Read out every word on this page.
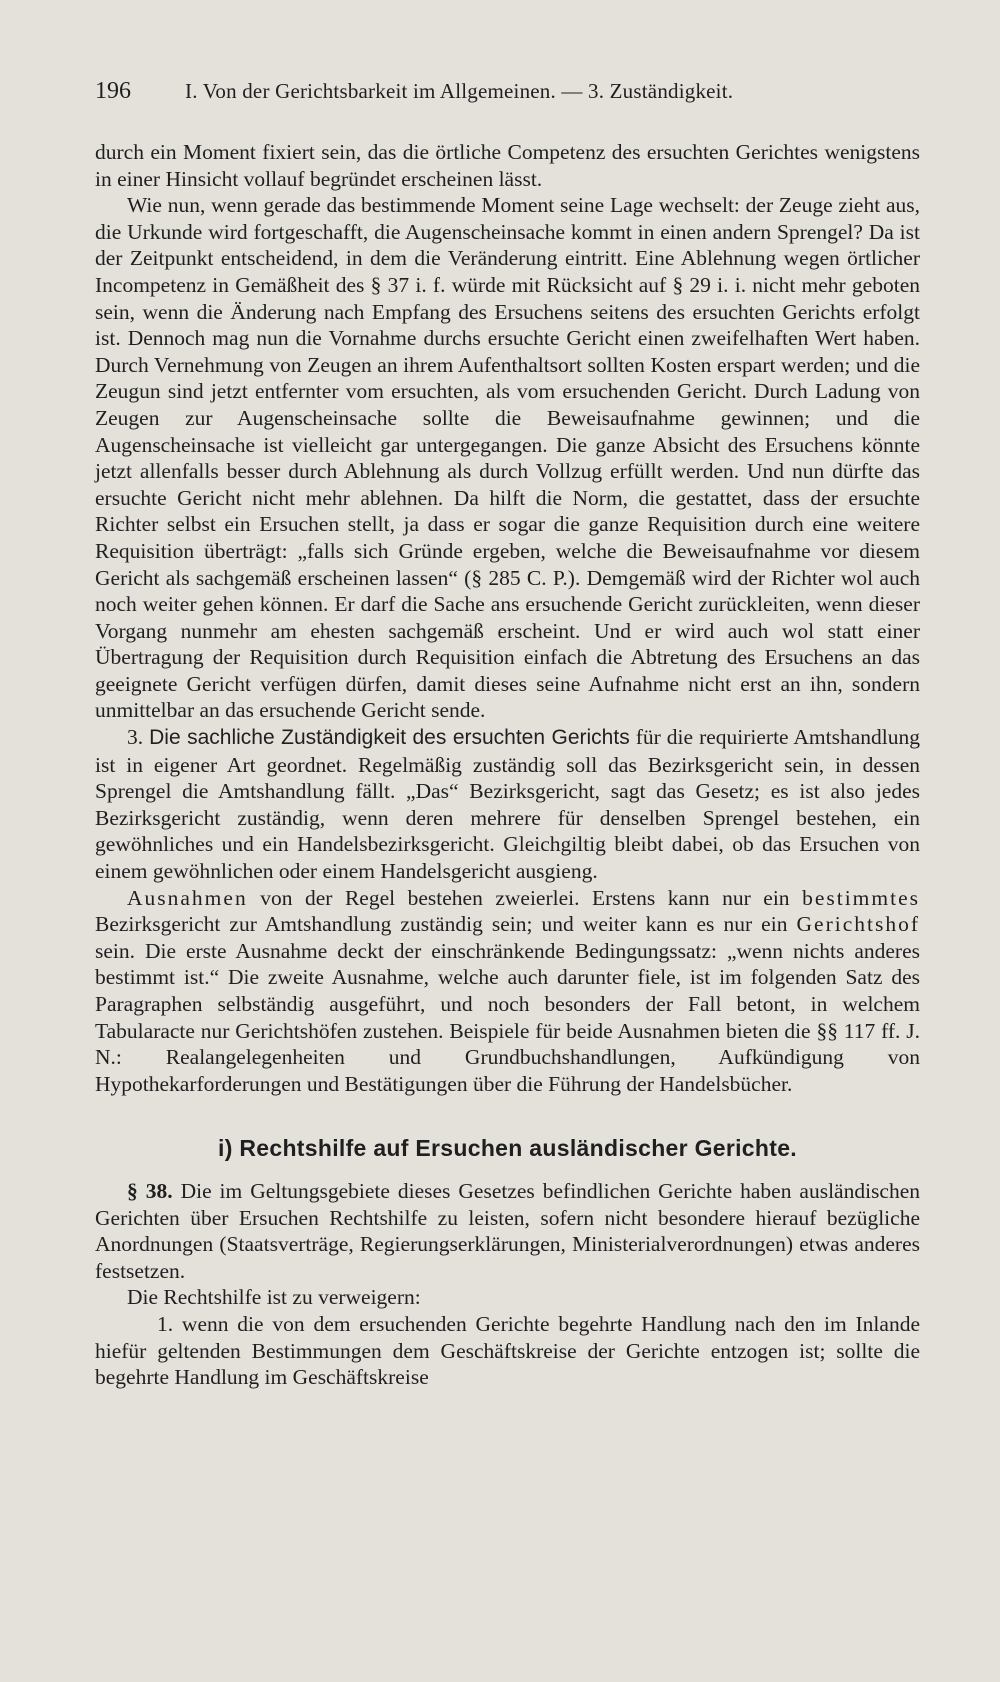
196	I. Von der Gerichtsbarkeit im Allgemeinen. — 3. Zuständigkeit.

durch ein Moment fixiert sein, das die örtliche Competenz des ersuchten Gerichtes wenigstens in einer Hinsicht vollauf begründet erscheinen lässt.

Wie nun, wenn gerade das bestimmende Moment seine Lage wechselt: der Zeuge zieht aus, die Urkunde wird fortgeschafft, die Augenscheinsache kommt in einen andern Sprengel? Da ist der Zeitpunkt entscheidend, in dem die Veränderung eintritt. Eine Ablehnung wegen örtlicher Incompetenz in Gemäßheit des § 37 i. f. würde mit Rücksicht auf § 29 i. i. nicht mehr geboten sein, wenn die Änderung nach Empfang des Ersuchens seitens des ersuchten Gerichts erfolgt ist. Dennoch mag nun die Vornahme durchs ersuchte Gericht einen zweifelhaften Wert haben. Durch Vernehmung von Zeugen an ihrem Aufenthaltsort sollten Kosten erspart werden; und die Zeugun sind jetzt entfernter vom ersuchten, als vom ersuchenden Gericht. Durch Ladung von Zeugen zur Augenscheinsache sollte die Beweisaufnahme gewinnen; und die Augenscheinsache ist vielleicht gar untergegangen. Die ganze Absicht des Ersuchens könnte jetzt allenfalls besser durch Ablehnung als durch Vollzug erfüllt werden. Und nun dürfte das ersuchte Gericht nicht mehr ablehnen. Da hilft die Norm, die gestattet, dass der ersuchte Richter selbst ein Ersuchen stellt, ja dass er sogar die ganze Requisition durch eine weitere Requisition überträgt: „falls sich Gründe ergeben, welche die Beweisaufnahme vor diesem Gericht als sachgemäß erscheinen lassen“ (§ 285 C. P.). Demgemäß wird der Richter wol auch noch weiter gehen können. Er darf die Sache ans ersuchende Gericht zurückleiten, wenn dieser Vorgang nunmehr am ehesten sachgemäß erscheint. Und er wird auch wol statt einer Übertragung der Requisition durch Requisition einfach die Abtretung des Ersuchens an das geeignete Gericht verfügen dürfen, damit dieses seine Aufnahme nicht erst an ihn, sondern unmittelbar an das ersuchende Gericht sende.

3. Die sachliche Zuständigkeit des ersuchten Gerichts für die requirierte Amtshandlung ist in eigener Art geordnet. Regelmäßig zuständig soll das Bezirksgericht sein, in dessen Sprengel die Amtshandlung fällt. „Das“ Bezirksgericht, sagt das Gesetz; es ist also jedes Bezirksgericht zuständig, wenn deren mehrere für denselben Sprengel bestehen, ein gewöhnliches und ein Handelsbezirksgericht. Gleichgiltig bleibt dabei, ob das Ersuchen von einem gewöhnlichen oder einem Handelsgericht ausgieng.

Ausnahmen von der Regel bestehen zweierlei. Erstens kann nur ein bestimmtes Bezirksgericht zur Amtshandlung zuständig sein; und weiter kann es nur ein Gerichtshof sein. Die erste Ausnahme deckt der einschränkende Bedingungssatz: „wenn nichts anderes bestimmt ist.“ Die zweite Ausnahme, welche auch darunter fiele, ist im folgenden Satz des Paragraphen selbständig ausgeführt, und noch besonders der Fall betont, in welchem Tabularacte nur Gerichtshöfen zustehen. Beispiele für beide Ausnahmen bieten die §§ 117 ff. J. N.: Realangelegenheiten und Grundbuchshandlungen, Aufkündigung von Hypothekarforderungen und Bestätigungen über die Führung der Handelsbücher.

i) Rechtshilfe auf Ersuchen ausländischer Gerichte.

§ 38. Die im Geltungsgebiete dieses Gesetzes befindlichen Gerichte haben ausländischen Gerichten über Ersuchen Rechtshilfe zu leisten, sofern nicht besondere hierauf bezügliche Anordnungen (Staatsverträge, Regierungserklärungen, Ministerialverordnungen) etwas anderes festsetzen.

Die Rechtshilfe ist zu verweigern:

1. wenn die von dem ersuchenden Gerichte begehrte Handlung nach den im Inlande hiefür geltenden Bestimmungen dem Geschäftskreise der Gerichte entzogen ist; sollte die begehrte Handlung im Geschäftskreise
